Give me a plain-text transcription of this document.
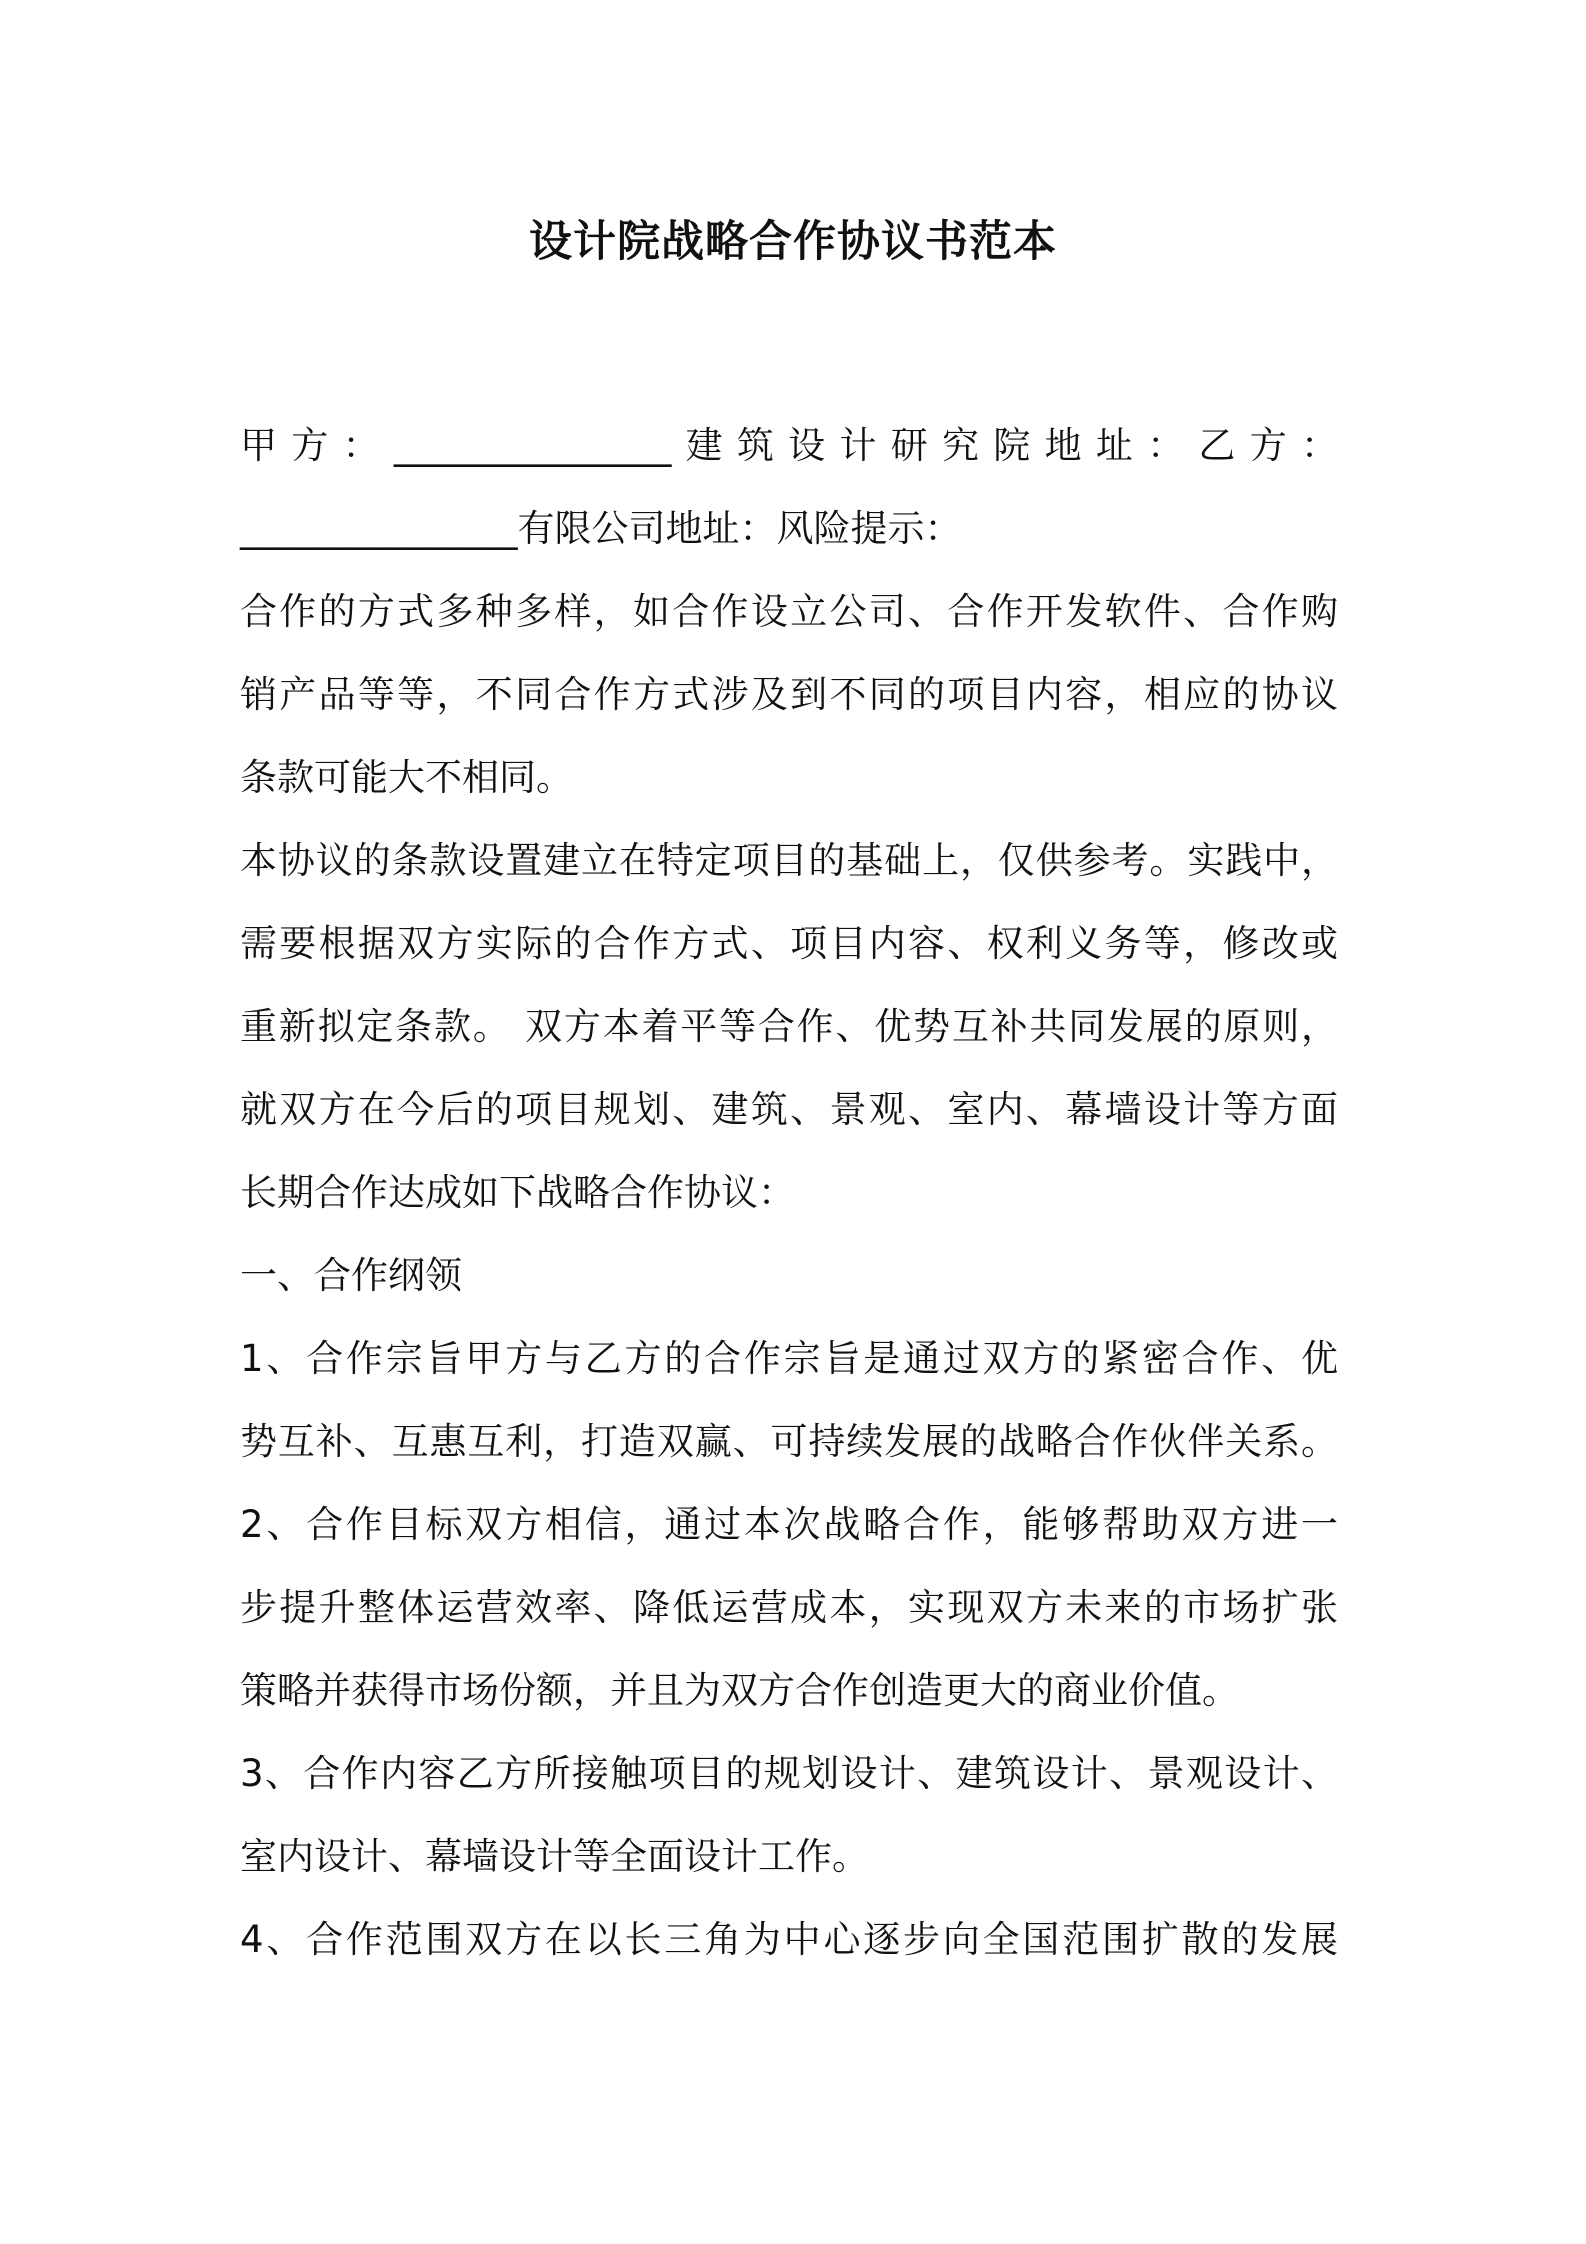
设计院战略合作协议书范本
甲方：_______________建筑设计研究院地址：乙方：
_______________有限公司地址：风险提示：
合作的方式多种多样，如合作设立公司、合作开发软件、合作购
销产品等等，不同合作方式涉及到不同的项目内容，相应的协议
条款可能大不相同。
本协议的条款设置建立在特定项目的基础上，仅供参考。实践中，
需要根据双方实际的合作方式、项目内容、权利义务等，修改或
重新拟定条款。 双方本着平等合作、优势互补共同发展的原则，
就双方在今后的项目规划、建筑、景观、室内、幕墙设计等方面
长期合作达成如下战略合作协议：
一、合作纲领
1、合作宗旨甲方与乙方的合作宗旨是通过双方的紧密合作、优
势互补、互惠互利，打造双赢、可持续发展的战略合作伙伴关系。
2、合作目标双方相信，通过本次战略合作，能够帮助双方进一
步提升整体运营效率、降低运营成本，实现双方未来的市场扩张
策略并获得市场份额，并且为双方合作创造更大的商业价值。
3、合作内容乙方所接触项目的规划设计、建筑设计、景观设计、
室内设计、幕墙设计等全面设计工作。
4、合作范围双方在以长三角为中心逐步向全国范围扩散的发展
